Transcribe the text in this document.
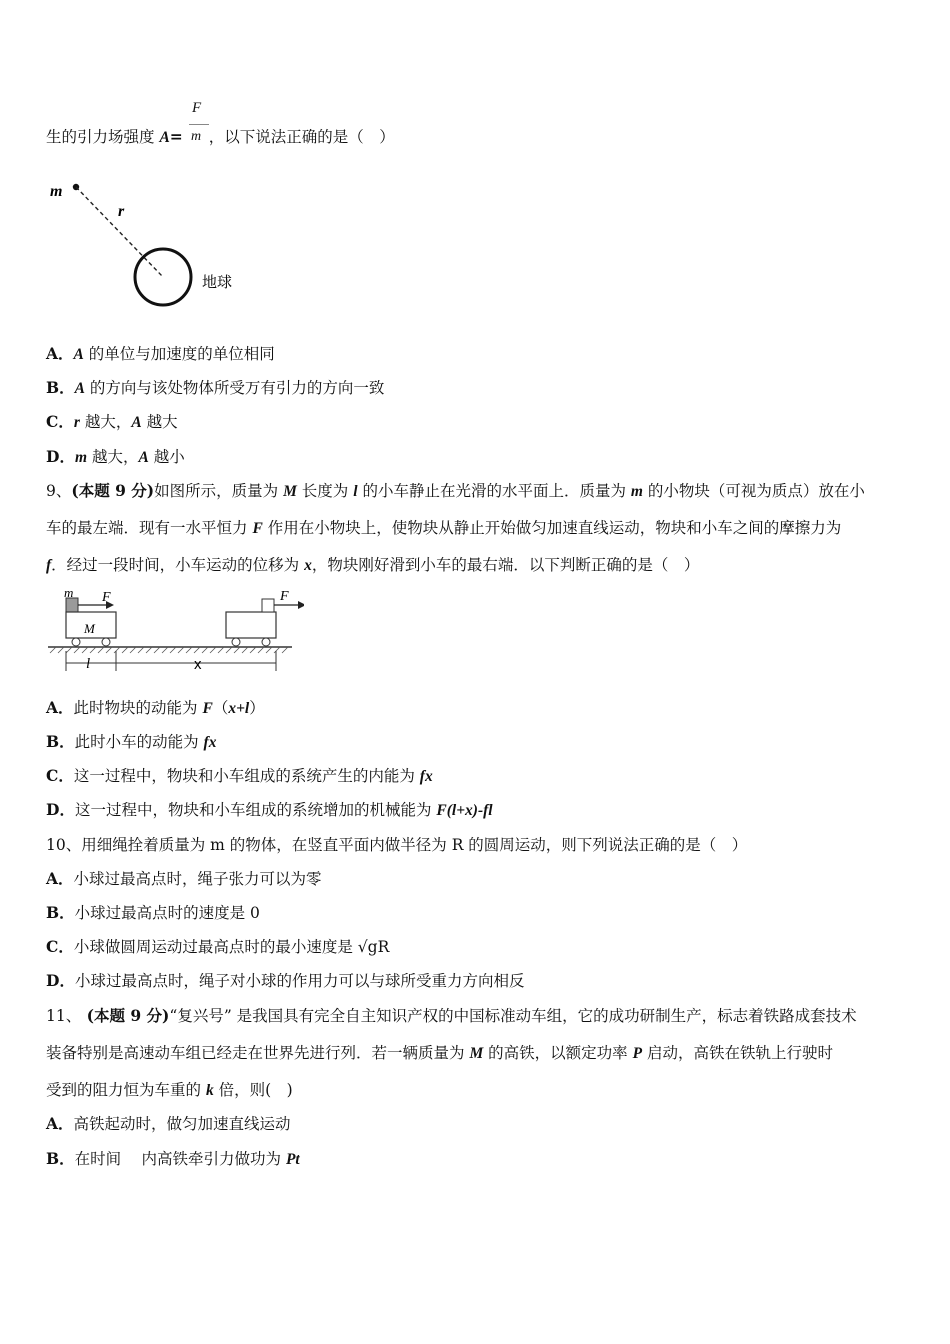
F
m
生的引力场强度 A= ，以下说法正确的是（　）
m
r
地球
A．A 的单位与加速度的单位相同
B．A 的方向与该处物体所受万有引力的方向一致
C．r 越大，A 越大
D．m 越大，A 越小
9、(本题 9 分)如图所示，质量为 M 长度为 l 的小车静止在光滑的水平面上．质量为 m 的小物块（可视为质点）放在小
车的最左端．现有一水平恒力 F 作用在小物块上，使物块从静止开始做匀加速直线运动，物块和小车之间的摩擦力为
f．经过一段时间，小车运动的位移为 x，物块刚好滑到小车的最右端．以下判断正确的是（　）
m F
M
F
l	x
A．此时物块的动能为 F（x+l）
B．此时小车的动能为 fx
C．这一过程中，物块和小车组成的系统产生的内能为 fx
D．这一过程中，物块和小车组成的系统增加的机械能为 F(l+x)-fl
10、用细绳拴着质量为 m 的物体，在竖直平面内做半径为 R 的圆周运动，则下列说法正确的是（　）
A．小球过最高点时，绳子张力可以为零
B．小球过最高点时的速度是 0
C．小球做圆周运动过最高点时的最小速度是 √gR
D．小球过最高点时，绳子对小球的作用力可以与球所受重力方向相反
11、 (本题 9 分)“复兴号” 是我国具有完全自主知识产权的中国标准动车组，它的成功研制生产，标志着铁路成套技术
装备特别是高速动车组已经走在世界先进行列．若一辆质量为 M 的高铁，以额定功率 P 启动，高铁在铁轨上行驶时
受到的阻力恒为车重的 k 倍，则(　)
A．高铁起动时，做匀加速直线运动
B．在时间　 内高铁牵引力做功为 Pt
